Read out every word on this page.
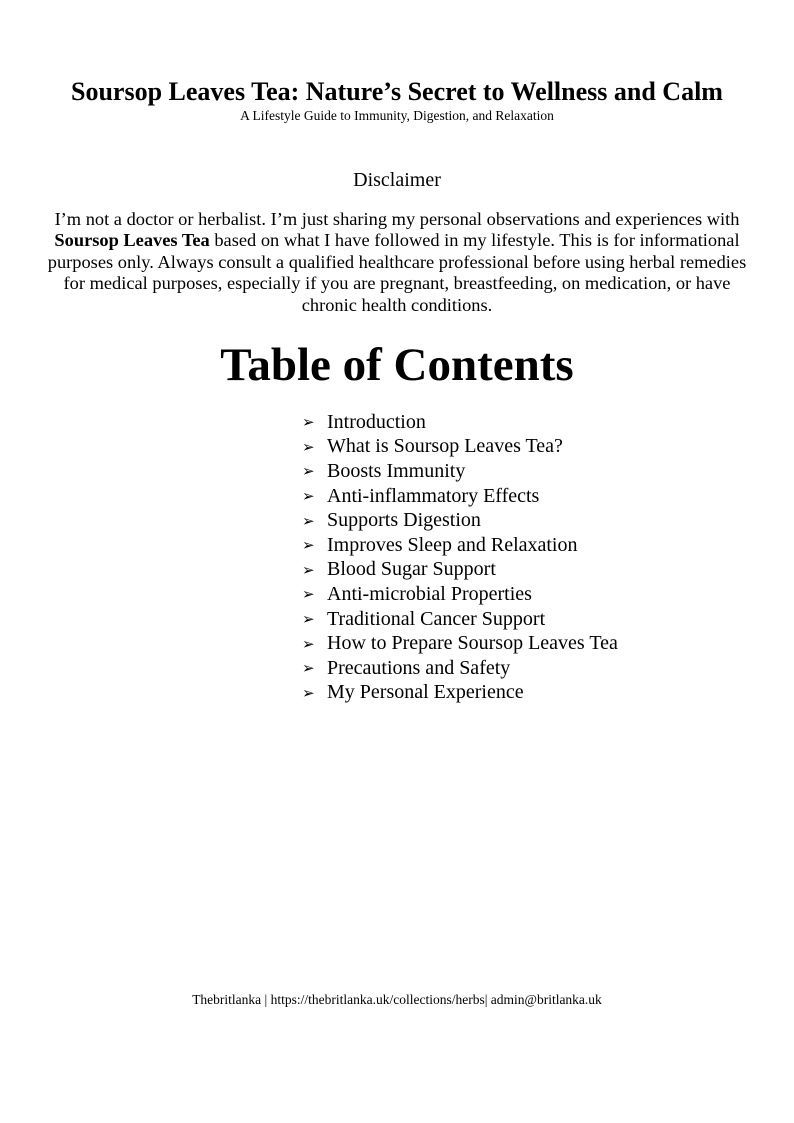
Soursop Leaves Tea: Nature’s Secret to Wellness and Calm
A Lifestyle Guide to Immunity, Digestion, and Relaxation
Disclaimer
I’m not a doctor or herbalist. I’m just sharing my personal observations and experiences with Soursop Leaves Tea based on what I have followed in my lifestyle. This is for informational purposes only. Always consult a qualified healthcare professional before using herbal remedies for medical purposes, especially if you are pregnant, breastfeeding, on medication, or have chronic health conditions.
Table of Contents
➢ Introduction
➢ What is Soursop Leaves Tea?
➢ Boosts Immunity
➢ Anti-inflammatory Effects
➢ Supports Digestion
➢ Improves Sleep and Relaxation
➢ Blood Sugar Support
➢ Anti-microbial Properties
➢ Traditional Cancer Support
➢ How to Prepare Soursop Leaves Tea
➢ Precautions and Safety
➢ My Personal Experience
Thebritlanka | https://thebritlanka.uk/collections/herbs| admin@britlanka.uk
